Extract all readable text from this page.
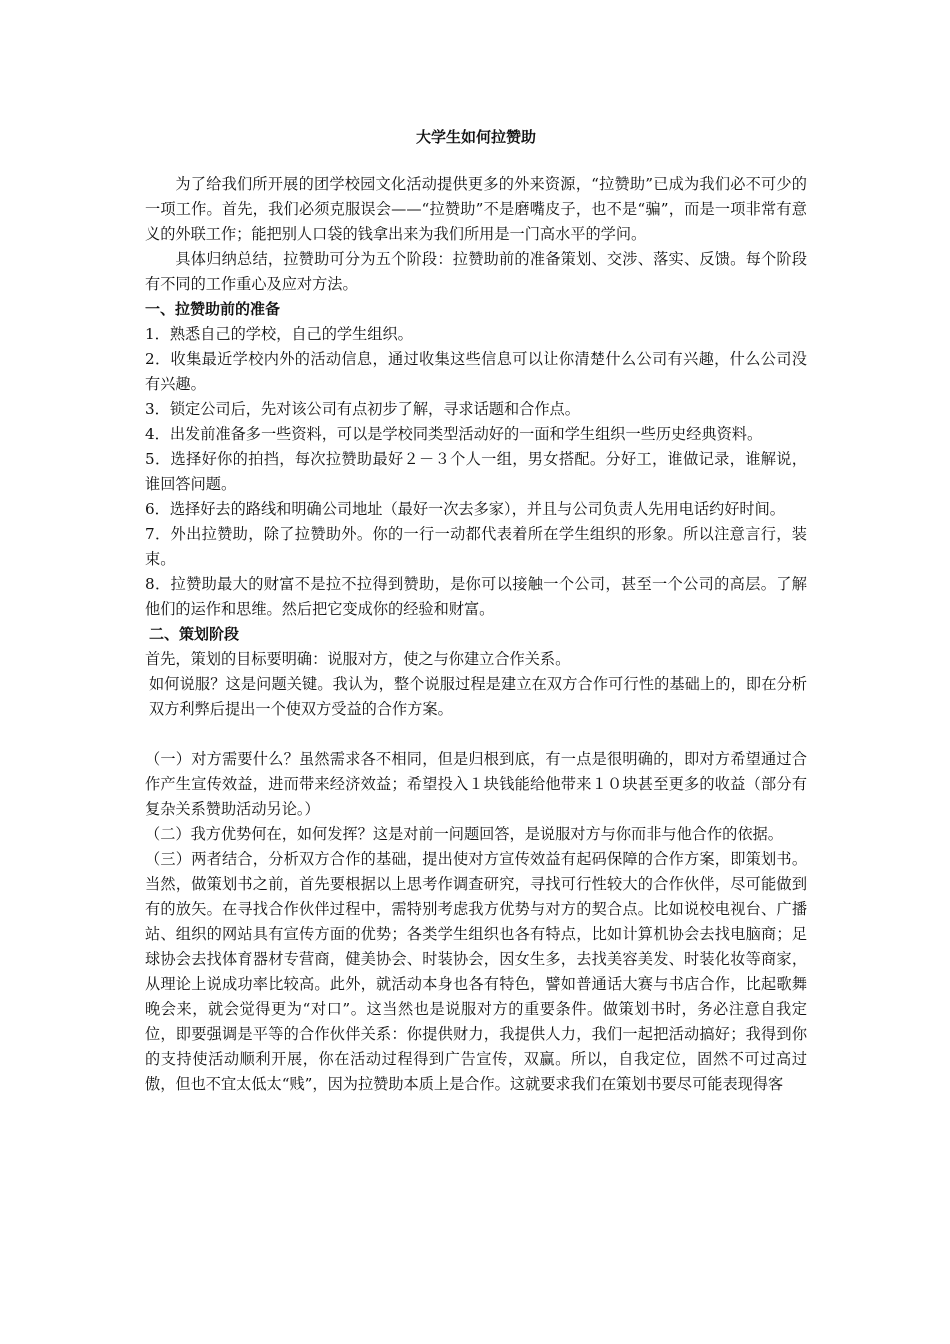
大学生如何拉赞助

为了给我们所开展的团学校园文化活动提供更多的外来资源，“拉赞助”已成为我们必不可少的一项工作。首先，我们必须克服误会——“拉赞助”不是磨嘴皮子，也不是“骗”，而是一项非常有意义的外联工作；能把别人口袋的钱拿出来为我们所用是一门高水平的学问。

具体归纳总结，拉赞助可分为五个阶段：拉赞助前的准备策划、交涉、落实、反馈。每个阶段有不同的工作重心及应对方法。

一、拉赞助前的准备

1．熟悉自己的学校，自己的学生组织。

2．收集最近学校内外的活动信息，通过收集这些信息可以让你清楚什么公司有兴趣，什么公司没有兴趣。

3．锁定公司后，先对该公司有点初步了解，寻求话题和合作点。

4．出发前准备多一些资料，可以是学校同类型活动好的一面和学生组织一些历史经典资料。

5．选择好你的拍挡，每次拉赞助最好２－３个人一组，男女搭配。分好工，谁做记录，谁解说，谁回答问题。

6．选择好去的路线和明确公司地址（最好一次去多家），并且与公司负责人先用电话约好时间。

7．外出拉赞助，除了拉赞助外。你的一行一动都代表着所在学生组织的形象。所以注意言行，装束。

8．拉赞助最大的财富不是拉不拉得到赞助，是你可以接触一个公司，甚至一个公司的高层。了解他们的运作和思维。然后把它变成你的经验和财富。

二、策划阶段

首先，策划的目标要明确：说服对方，使之与你建立合作关系。

如何说服？这是问题关键。我认为，整个说服过程是建立在双方合作可行性的基础上的，即在分析双方利弊后提出一个使双方受益的合作方案。

（一）对方需要什么？虽然需求各不相同，但是归根到底，有一点是很明确的，即对方希望通过合作产生宣传效益，进而带来经济效益；希望投入１块钱能给他带来１０块甚至更多的收益（部分有复杂关系赞助活动另论。）

（二）我方优势何在，如何发挥？这是对前一问题回答，是说服对方与你而非与他合作的依据。

（三）两者结合，分析双方合作的基础，提出使对方宣传效益有起码保障的合作方案，即策划书。当然，做策划书之前，首先要根据以上思考作调查研究，寻找可行性较大的合作伙伴，尽可能做到有的放矢。在寻找合作伙伴过程中，需特别考虑我方优势与对方的契合点。比如说校电视台、广播站、组织的网站具有宣传方面的优势；各类学生组织也各有特点，比如计算机协会去找电脑商；足球协会去找体育器材专营商，健美协会、时装协会，因女生多，去找美容美发、时装化妆等商家，从理论上说成功率比较高。此外，就活动本身也各有特色，譬如普通话大赛与书店合作，比起歌舞晚会来，就会觉得更为“对口”。这当然也是说服对方的重要条件。做策划书时，务必注意自我定位，即要强调是平等的合作伙伴关系：你提供财力，我提供人力，我们一起把活动搞好；我得到你的支持使活动顺利开展，你在活动过程得到广告宣传，双赢。所以，自我定位，固然不可过高过傲，但也不宜太低太“贱”，因为拉赞助本质上是合作。这就要求我们在策划书要尽可能表现得客
